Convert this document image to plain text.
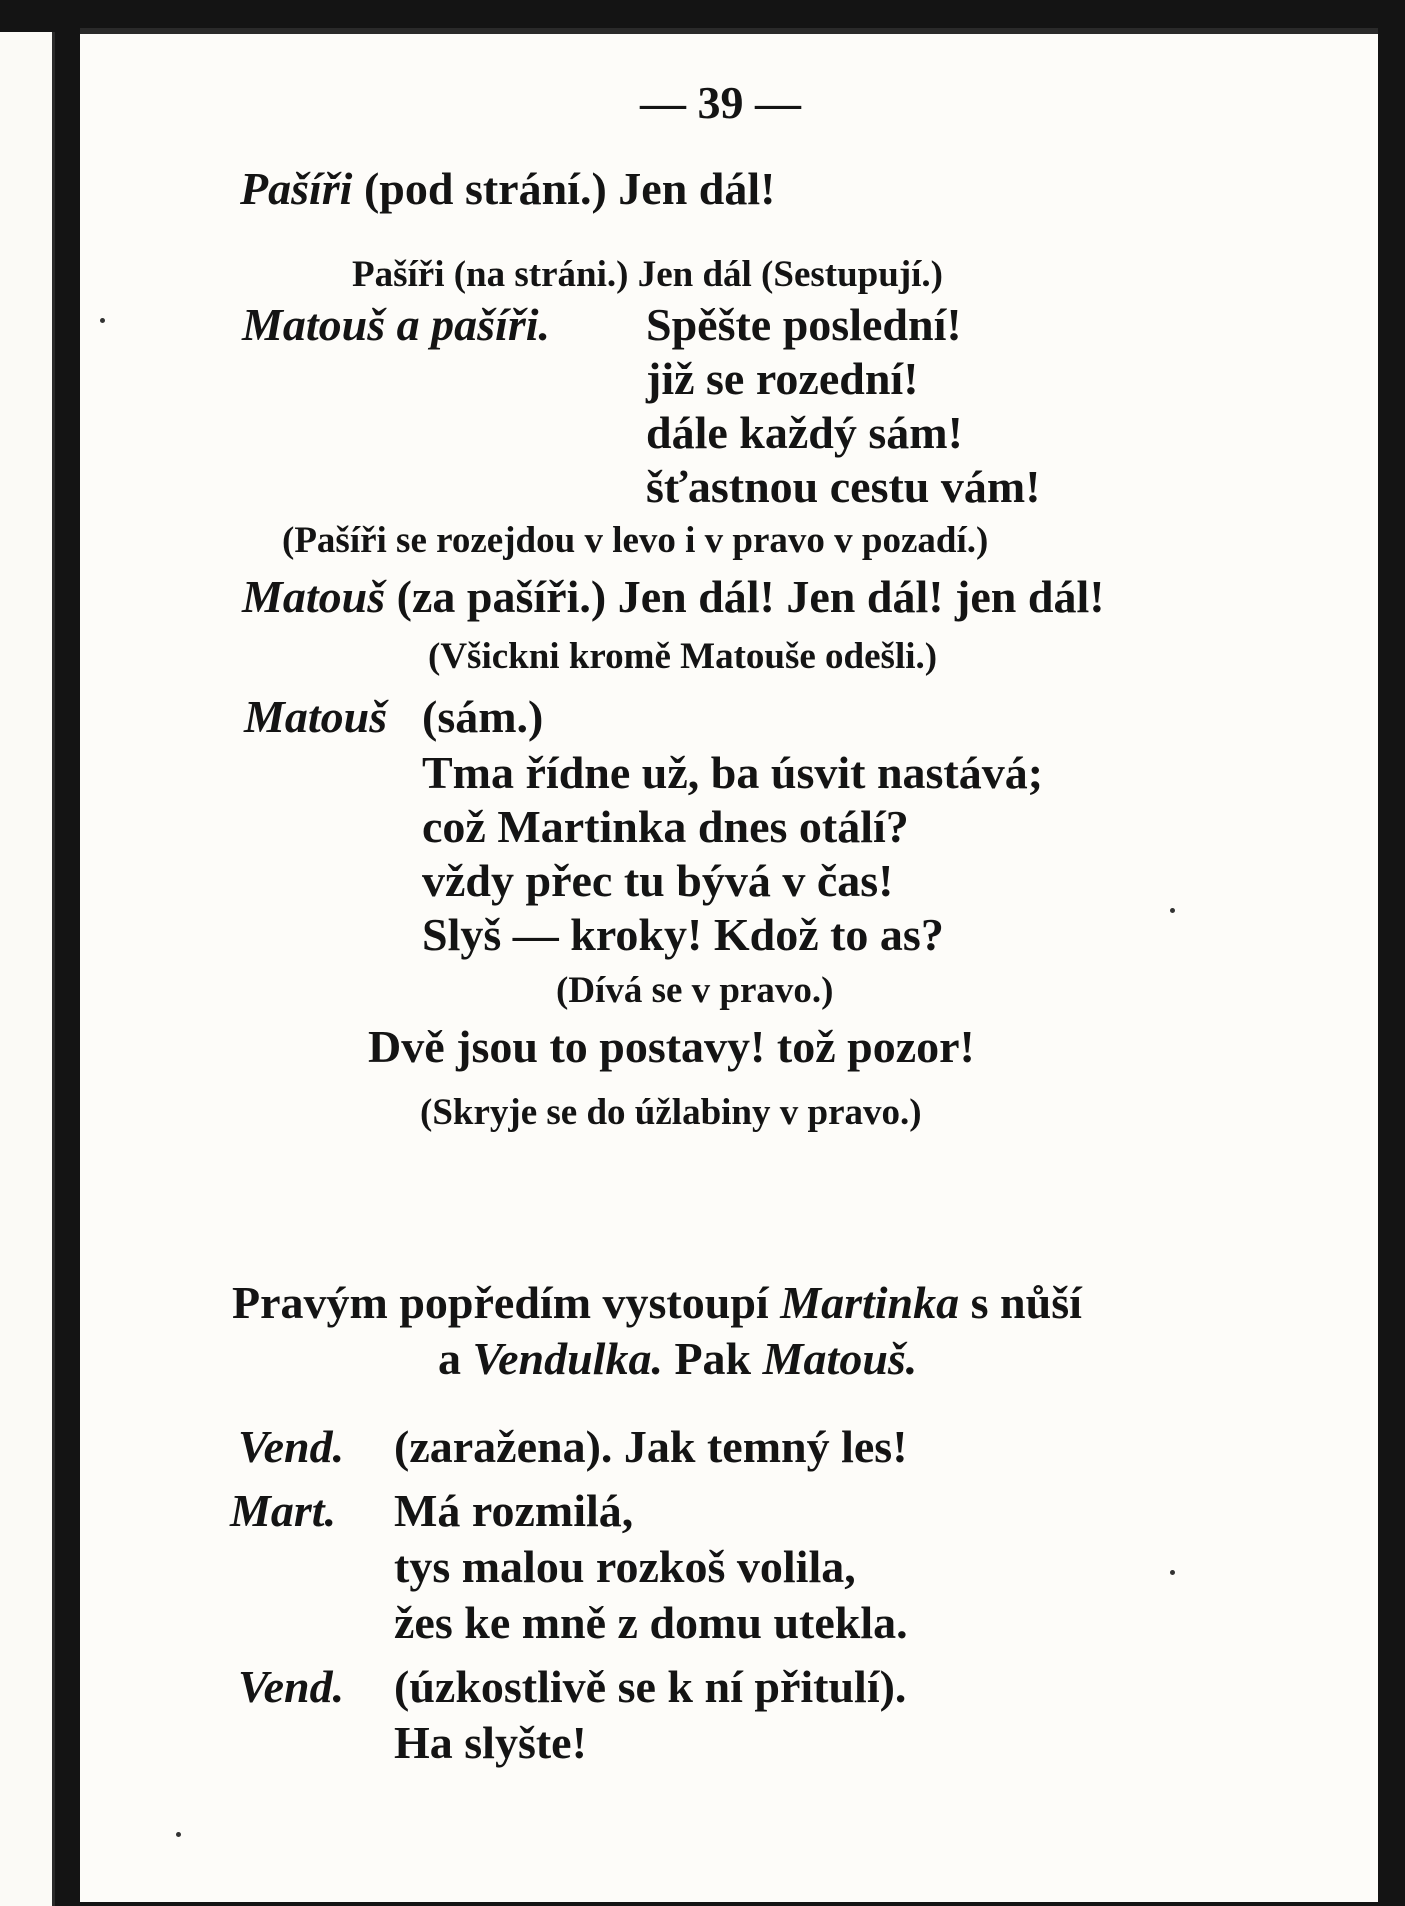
— 39 —
Pašíři (pod strání.) Jen dál!
Pašíři (na stráni.) Jen dál (Sestupují.)
Matouš a pašíři. Spěšte poslední!
již se rozední!
dále každý sám!
šťastnou cestu vám!
(Pašíři se rozejdou v levo i v pravo v pozadí.)
Matouš (za pašíři.) Jen dál! Jen dál! jen dál!
(Všickni kromě Matouše odešli.)
Matouš (sám.)
Tma řídne už, ba úsvit nastává;
což Martinka dnes otálí?
vždy přec tu bývá v čas!
Slyš — kroky! Kdož to as?
(Dívá se v pravo.)
Dvě jsou to postavy! tož pozor!
(Skryje se do úžlabiny v pravo.)
Pravým popředím vystoupí Martinka s nůší
a Vendulka. Pak Matouš.
Vend. (zaražena). Jak temný les!
Mart. Má rozmilá,
tys malou rozkoš volila,
žes ke mně z domu utekla.
Vend. (úzkostlivě se k ní přitulí).
Ha slyšte!
